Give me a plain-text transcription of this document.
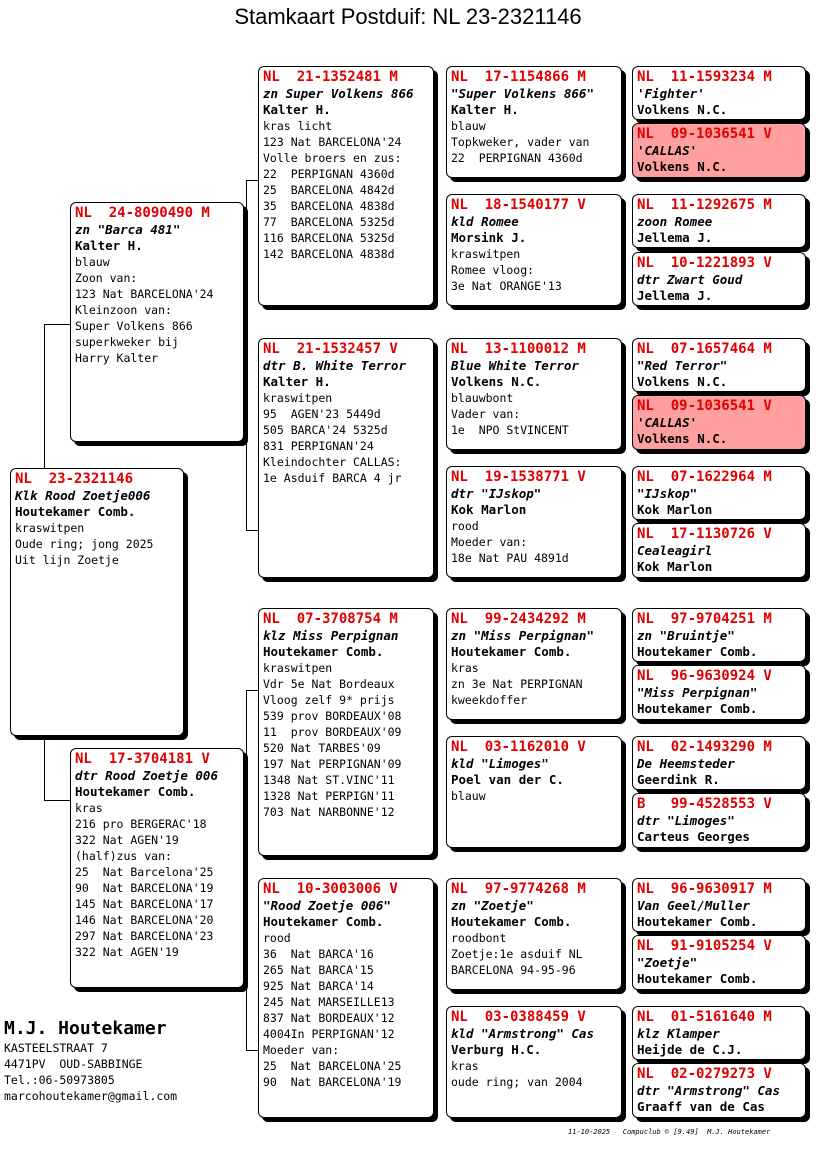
Stamkaart Postduif: NL 23-2321146
NL  23-2321146
Klk Rood Zoetje006
Houtekamer Comb.
kraswitpen
Oude ring; jong 2025
Uit lijn Zoetje
NL  24-8090490 M
zn "Barca 481"
Kalter H.
blauw
Zoon van:
123 Nat BARCELONA'24
Kleinzoon van:
Super Volkens 866
superkweker bij
Harry Kalter
NL  17-3704181 V
dtr Rood Zoetje 006
Houtekamer Comb.
kras
216 pro BERGERAC'18
322 Nat AGEN'19
(half)zus van:
25  Nat Barcelona'25
90  Nat BARCELONA'19
145 Nat BARCELONA'17
146 Nat BARCELONA'20
297 Nat BARCELONA'23
322 Nat AGEN'19
NL  21-1352481 M
zn Super Volkens 866
Kalter H.
kras licht
123 Nat BARCELONA'24
Volle broers en zus:
22  PERPIGNAN 4360d
25  BARCELONA 4842d
35  BARCELONA 4838d
77  BARCELONA 5325d
116 BARCELONA 5325d
142 BARCELONA 4838d
NL  21-1532457 V
dtr B. White Terror
Kalter H.
kraswitpen
95  AGEN'23 5449d
505 BARCA'24 5325d
831 PERPIGNAN'24
Kleindochter CALLAS:
1e Asduif BARCA 4 jr
NL  07-3708754 M
klz Miss Perpignan
Houtekamer Comb.
kraswitpen
Vdr 5e Nat Bordeaux
Vloog zelf 9* prijs
539 prov BORDEAUX'08
11  prov BORDEAUX'09
520 Nat TARBES'09
197 Nat PERPIGNAN'09
1348 Nat ST.VINC'11
1328 Nat PERPIGN'11
703 Nat NARBONNE'12
NL  10-3003006 V
"Rood Zoetje 006"
Houtekamer Comb.
rood
36  Nat BARCA'16
265 Nat BARCA'15
925 Nat BARCA'14
245 Nat MARSEILLE13
837 Nat BORDEAUX'12
4004In PERPIGNAN'12
Moeder van:
25  Nat BARCELONA'25
90  Nat BARCELONA'19
NL  17-1154866 M
"Super Volkens 866"
Kalter H.
blauw
Topkweker, vader van
22  PERPIGNAN 4360d
NL  18-1540177 V
kld Romee
Morsink J.
kraswitpen
Romee vloog:
3e Nat ORANGE'13
NL  13-1100012 M
Blue White Terror
Volkens N.C.
blauwbont
Vader van:
1e  NPO StVINCENT
NL  19-1538771 V
dtr "IJskop"
Kok Marlon
rood
Moeder van:
18e Nat PAU 4891d
NL  99-2434292 M
zn "Miss Perpignan"
Houtekamer Comb.
kras
zn 3e Nat PERPIGNAN
kweekdoffer
NL  03-1162010 V
kld "Limoges"
Poel van der C.
blauw
NL  97-9774268 M
zn "Zoetje"
Houtekamer Comb.
roodbont
Zoetje:1e asduif NL
BARCELONA 94-95-96
NL  03-0388459 V
kld "Armstrong" Cas
Verburg H.C.
kras
oude ring; van 2004
NL  11-1593234 M
'Fighter'
Volkens N.C.
NL  09-1036541 V
'CALLAS'
Volkens N.C.
NL  11-1292675 M
zoon Romee
Jellema J.
NL  10-1221893 V
dtr Zwart Goud
Jellema J.
NL  07-1657464 M
"Red Terror"
Volkens N.C.
NL  09-1036541 V
'CALLAS'
Volkens N.C.
NL  07-1622964 M
"IJskop"
Kok Marlon
NL  17-1130726 V
Cealeagirl
Kok Marlon
NL  97-9704251 M
zn "Bruintje"
Houtekamer Comb.
NL  96-9630924 V
"Miss Perpignan"
Houtekamer Comb.
NL  02-1493290 M
De Heemsteder
Geerdink R.
B   99-4528553 V
dtr "Limoges"
Carteus Georges
NL  96-9630917 M
Van Geel/Muller
Houtekamer Comb.
NL  91-9105254 V
"Zoetje"
Houtekamer Comb.
NL  01-5161640 M
klz Klamper
Heijde de C.J.
NL  02-0279273 V
dtr "Armstrong" Cas
Graaff van de Cas
M.J. Houtekamer
KASTEELSTRAAT 7
4471PV  OUD-SABBINGE
Tel.:06-50973805
marcohoutekamer@gmail.com
11-10-2025   Compuclub © [9.49]  M.J. Houtekamer
